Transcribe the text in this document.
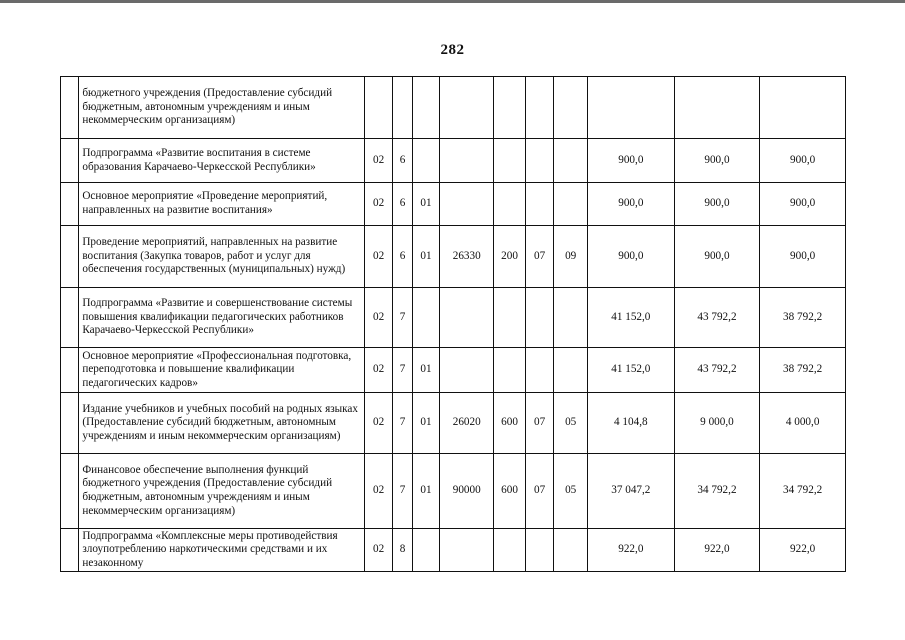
282
	бюджетного учреждения (Предоставление субсидий бюджетным, автономным учреждениям и иным некоммерческим организациям)										
	Подпрограмма «Развитие воспитания в системе образования Карачаево-Черкесской Республики»	02	6						900,0	900,0	900,0
	Основное мероприятие «Проведение мероприятий, направленных на развитие воспитания»	02	6	01					900,0	900,0	900,0
	Проведение мероприятий, направленных на развитие воспитания (Закупка товаров, работ и услуг для обеспечения государственных (муниципальных) нужд)	02	6	01	26330	200	07	09	900,0	900,0	900,0
	Подпрограмма «Развитие и совершенствование системы повышения квалификации педагогических работников Карачаево-Черкесской Республики»	02	7						41 152,0	43 792,2	38 792,2
	Основное мероприятие «Профессиональная подготовка, переподготовка и повышение квалификации педагогических кадров»	02	7	01					41 152,0	43 792,2	38 792,2
	Издание учебников и учебных пособий на родных языках (Предоставление субсидий бюджетным, автономным учреждениям и иным некоммерческим организациям)	02	7	01	26020	600	07	05	4 104,8	9 000,0	4 000,0
	Финансовое обеспечение выполнения функций бюджетного учреждения (Предоставление субсидий бюджетным, автономным учреждениям и иным некоммерческим организациям)	02	7	01	90000	600	07	05	37 047,2	34 792,2	34 792,2
	Подпрограмма «Комплексные меры противодействия злоупотреблению наркотическими средствами и их незаконному	02	8						922,0	922,0	922,0
